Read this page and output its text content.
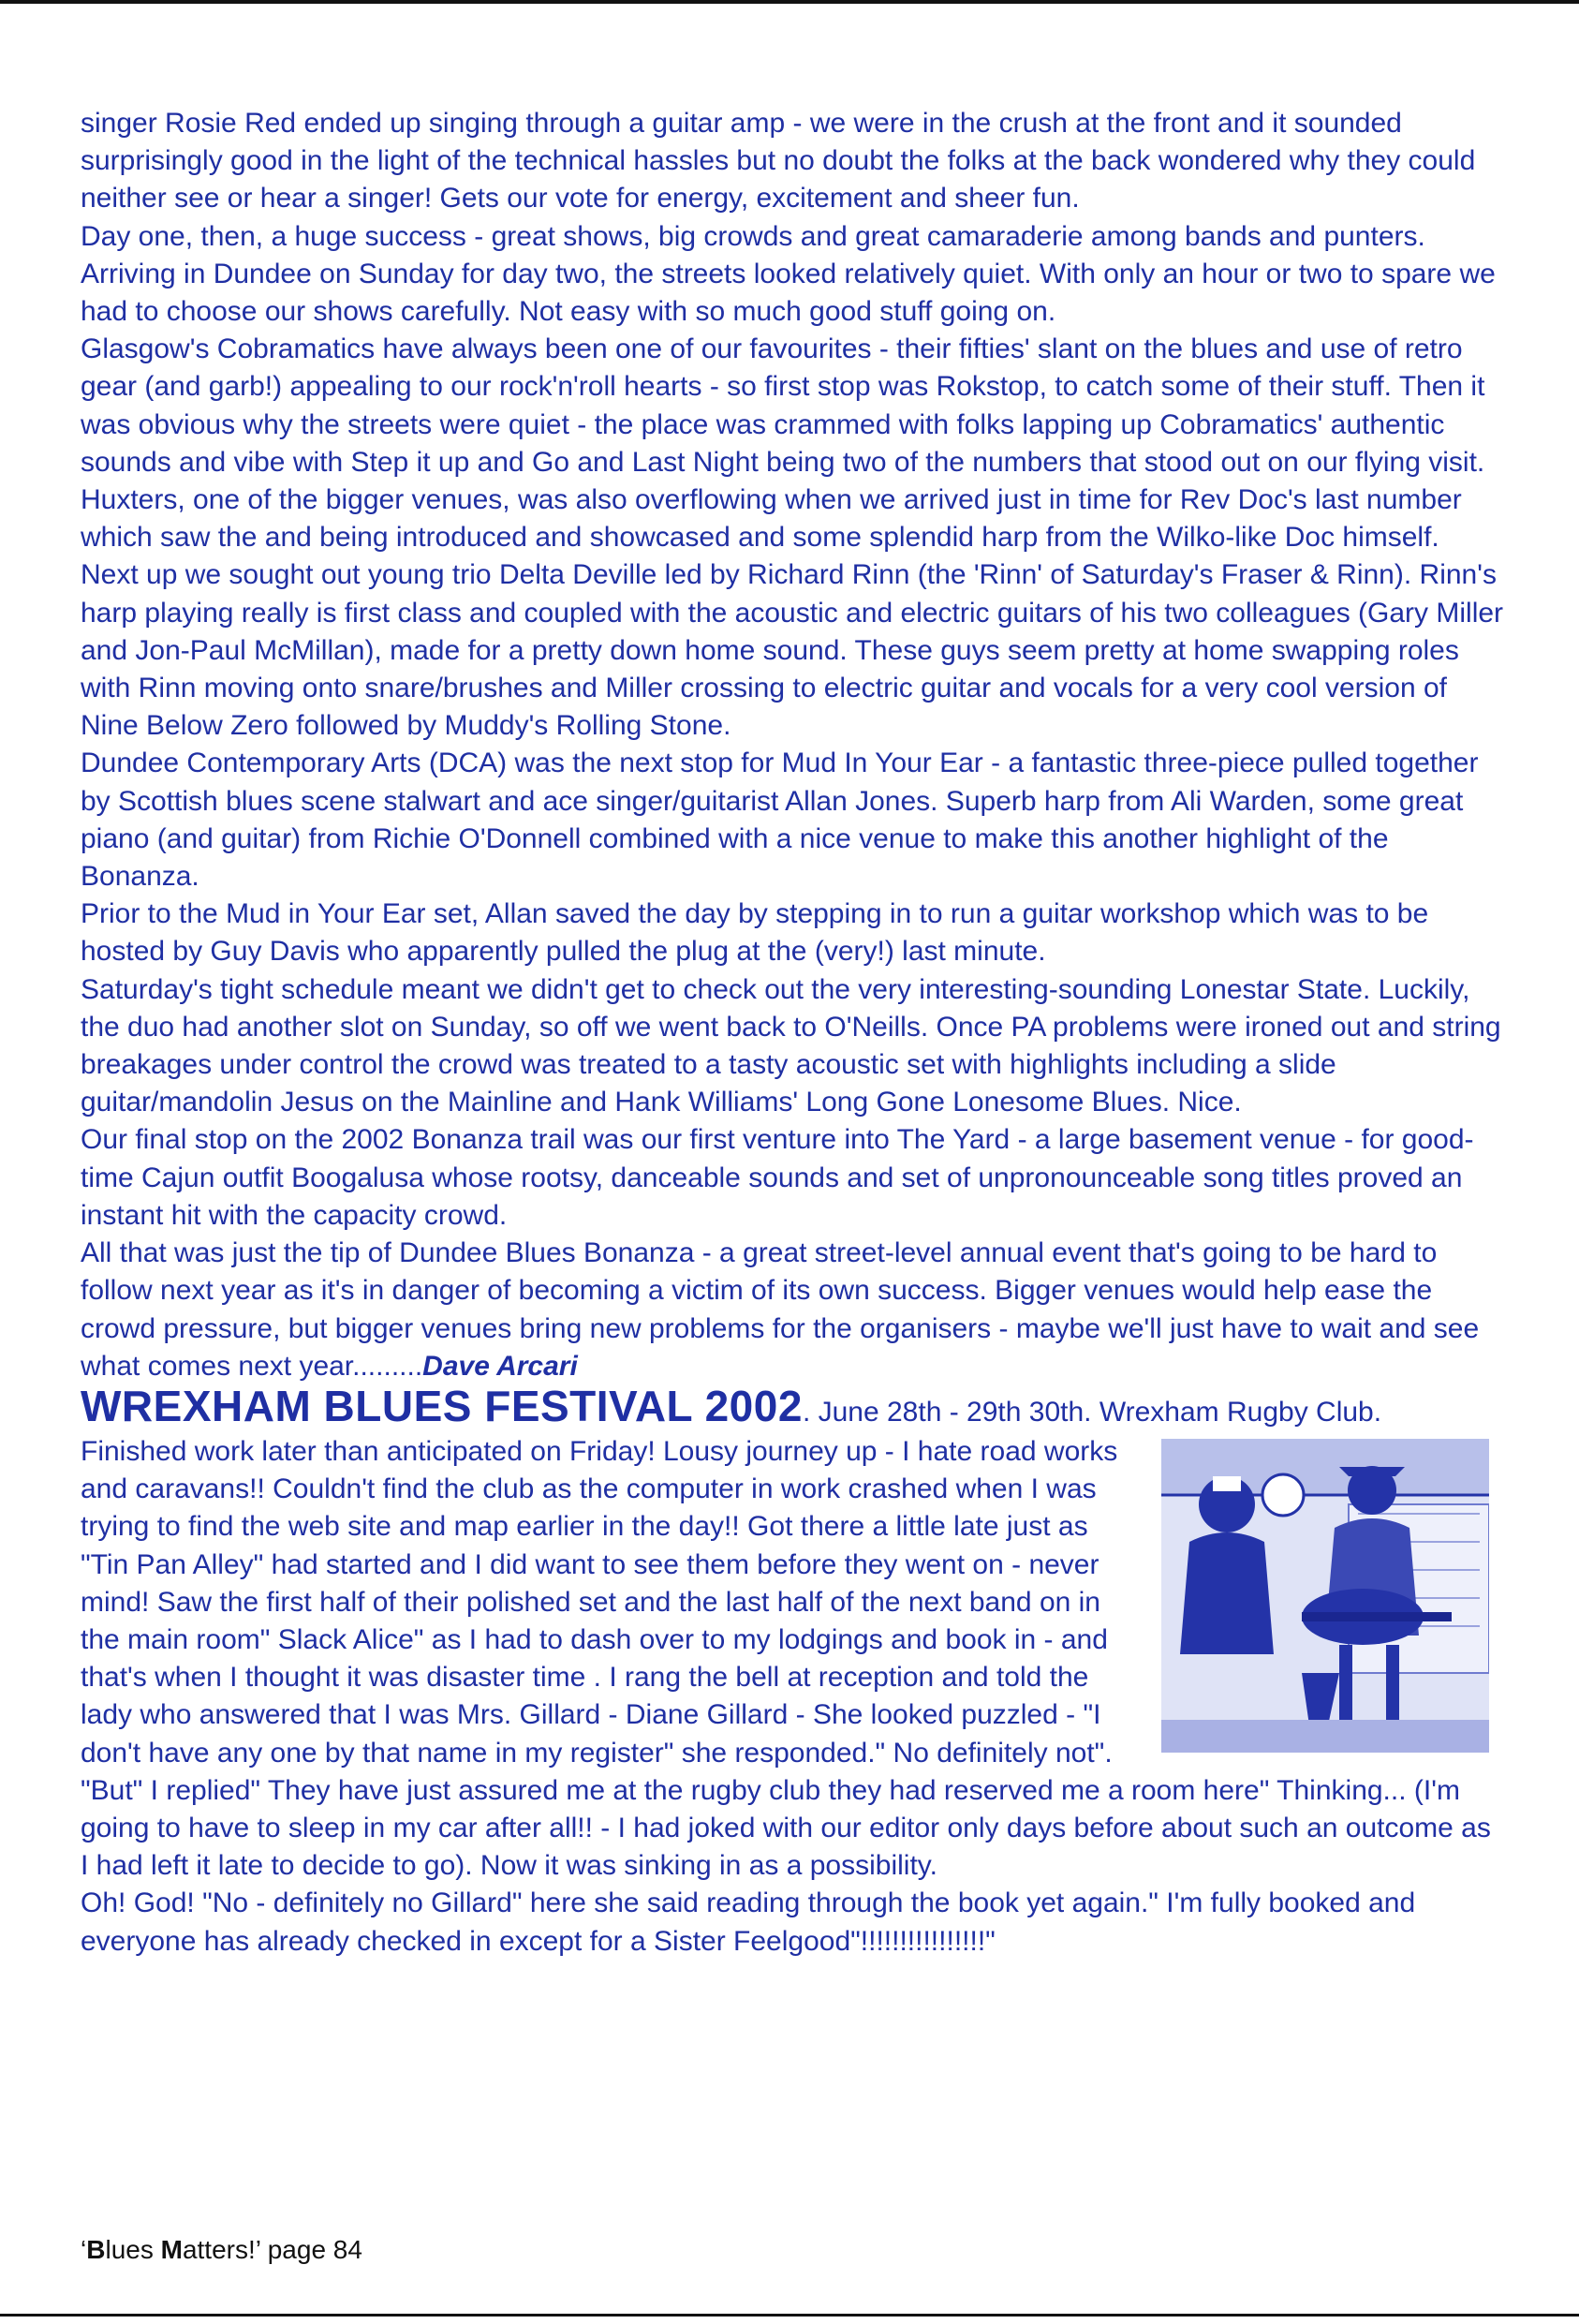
singer Rosie Red ended up singing through a guitar amp - we were in the crush at the front and it sounded surprisingly good in the light of the technical hassles but no doubt the folks at the back wondered why they could neither see or hear a singer! Gets our vote for energy, excitement and sheer fun.

Day one, then, a huge success - great shows, big crowds and great camaraderie among bands and punters.

Arriving in Dundee on Sunday for day two, the streets looked relatively quiet. With only an hour or two to spare we had to choose our shows carefully. Not easy with so much good stuff going on.

Glasgow's Cobramatics have always been one of our favourites - their fifties' slant on the blues and use of retro gear (and garb!) appealing to our rock'n'roll hearts - so first stop was Rokstop, to catch some of their stuff. Then it was obvious why the streets were quiet - the place was crammed with folks lapping up Cobramatics' authentic sounds and vibe with Step it up and Go and Last Night being two of the numbers that stood out on our flying visit.

Huxters, one of the bigger venues, was also overflowing when we arrived just in time for Rev Doc's last number which saw the and being introduced and showcased and some splendid harp from the Wilko-like Doc himself.

Next up we sought out young trio Delta Deville led by Richard Rinn (the 'Rinn' of Saturday's Fraser & Rinn). Rinn's harp playing really is first class and coupled with the acoustic and electric guitars of his two colleagues (Gary Miller and Jon-Paul McMillan), made for a pretty down home sound. These guys seem pretty at home swapping roles with Rinn moving onto snare/brushes and Miller crossing to electric guitar and vocals for a very cool version of Nine Below Zero followed by Muddy's Rolling Stone.

Dundee Contemporary Arts (DCA) was the next stop for Mud In Your Ear - a fantastic three-piece pulled together by Scottish blues scene stalwart and ace singer/guitarist Allan Jones. Superb harp from Ali Warden, some great piano (and guitar) from Richie O'Donnell combined with a nice venue to make this another highlight of the Bonanza.

Prior to the Mud in Your Ear set, Allan saved the day by stepping in to run a guitar workshop which was to be hosted by Guy Davis who apparently pulled the plug at the (very!) last minute.

Saturday's tight schedule meant we didn't get to check out the very interesting-sounding Lonestar State. Luckily, the duo had another slot on Sunday, so off we went back to O'Neills. Once PA problems were ironed out and string breakages under control the crowd was treated to a tasty acoustic set with highlights including a slide guitar/mandolin Jesus on the Mainline and Hank Williams' Long Gone Lonesome Blues. Nice.

Our final stop on the 2002 Bonanza trail was our first venture into The Yard - a large basement venue - for good-time Cajun outfit Boogalusa whose rootsy, danceable sounds and set of unpronounceable song titles proved an instant hit with the capacity crowd.

All that was just the tip of Dundee Blues Bonanza - a great street-level annual event that's going to be hard to follow next year as it's in danger of becoming a victim of its own success. Bigger venues would help ease the crowd pressure, but bigger venues bring new problems for the organisers - maybe we'll just have to wait and see what comes next year.........Dave Arcari

WREXHAM BLUES FESTIVAL 2002. June 28th - 29th 30th. Wrexham Rugby Club.

Finished work later than anticipated on Friday! Lousy journey up - I hate road works and caravans!! Couldn't find the club as the computer in work crashed when I was trying to find the web site and map earlier in the day!! Got there a little late just as "Tin Pan Alley" had started and I did want to see them before they went on - never mind! Saw the first half of their polished set and the last half of the next band on in the main room" Slack Alice" as I had to dash over to my lodgings and book in - and that's when I thought it was disaster time . I rang the bell at reception and told the lady who answered that I was Mrs. Gillard - Diane Gillard - She looked puzzled - "I don't have any one by that name in my register" she responded." No definitely not". "But" I replied" They have just assured me at the rugby club they had reserved me a room here" Thinking... (I'm going to have to sleep in my car after all!! - I had joked with our editor only days before about such an outcome as I had left it late to decide to go). Now it was sinking in as a possibility.

Oh! God! "No - definitely no Gillard" here she said reading through the book yet again." I'm fully booked and everyone has already checked in except for a Sister Feelgood"!!!!!!!!!!!!!!!!"

‘Blues Matters!’ page 84
